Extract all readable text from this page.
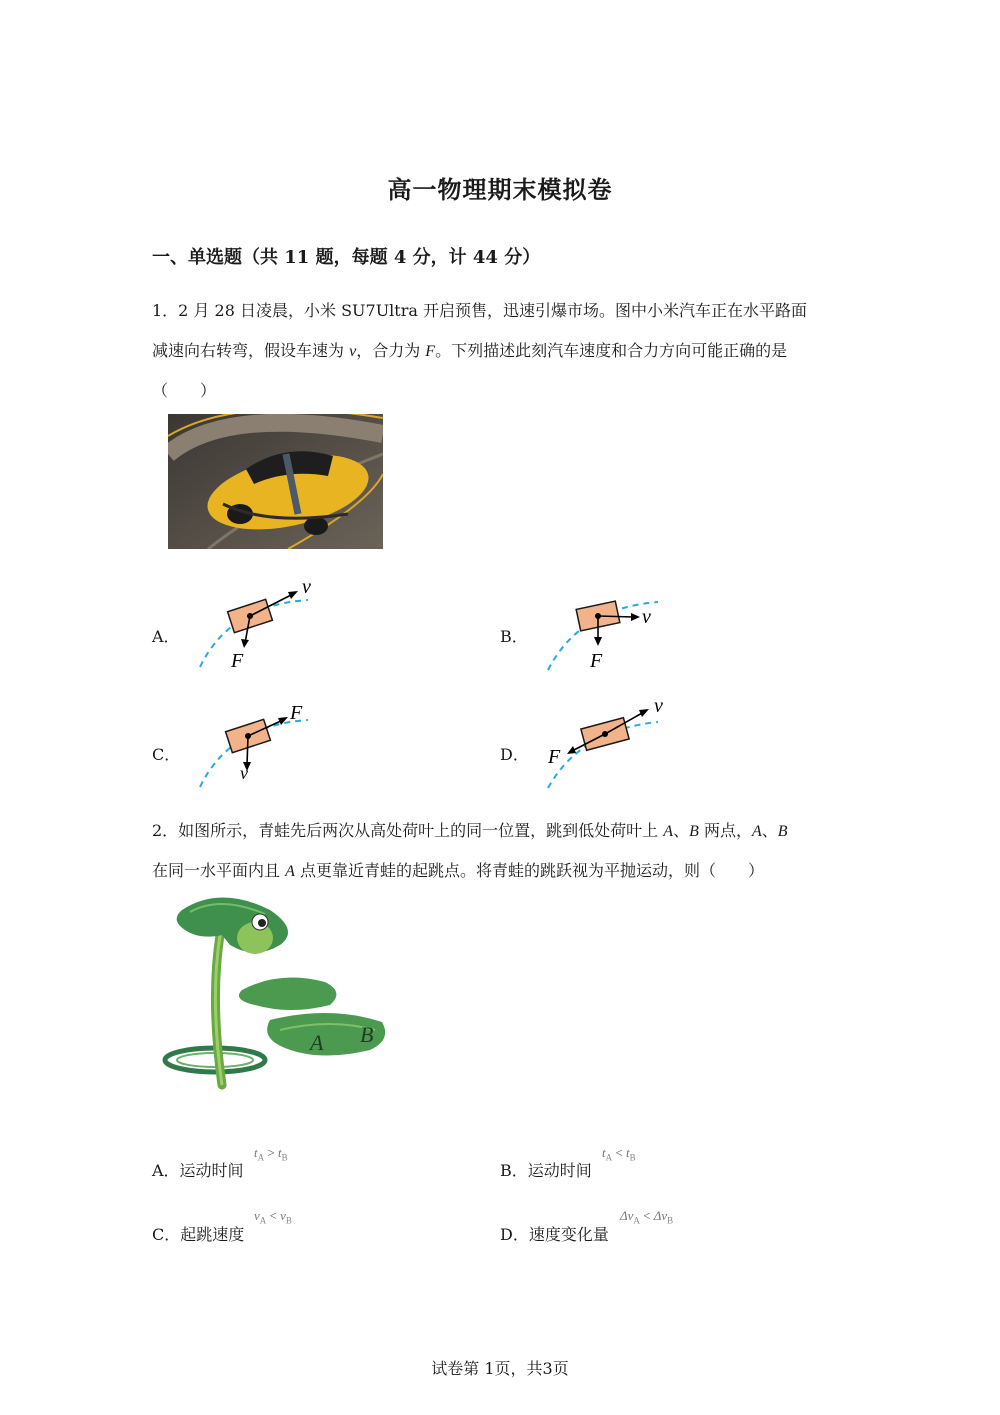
高一物理期末模拟卷
一、单选题（共 11 题，每题 4 分，计 44 分）
1．2 月 28 日凌晨，小米 SU7Ultra 开启预售，迅速引爆市场。图中小米汽车正在水平路面
减速向右转弯，假设车速为 v，合力为 F。下列描述此刻汽车速度和合力方向可能正确的是
（　　）
A．
v
F
B．
v
F
C．
F
v
D．
v
F
2．如图所示，青蛙先后两次从高处荷叶上的同一位置，跳到低处荷叶上 A、B 两点，A、B
在同一水平面内且 A 点更靠近青蛙的起跳点。将青蛙的跳跃视为平抛运动，则（　　）
A B
A．运动时间
$t_A > t_B$
B．运动时间
$t_A < t_B$
C．起跳速度
$v_A < v_B$
D．速度变化量
$\Delta v_A < \Delta v_B$
试卷第 1页，共3页
